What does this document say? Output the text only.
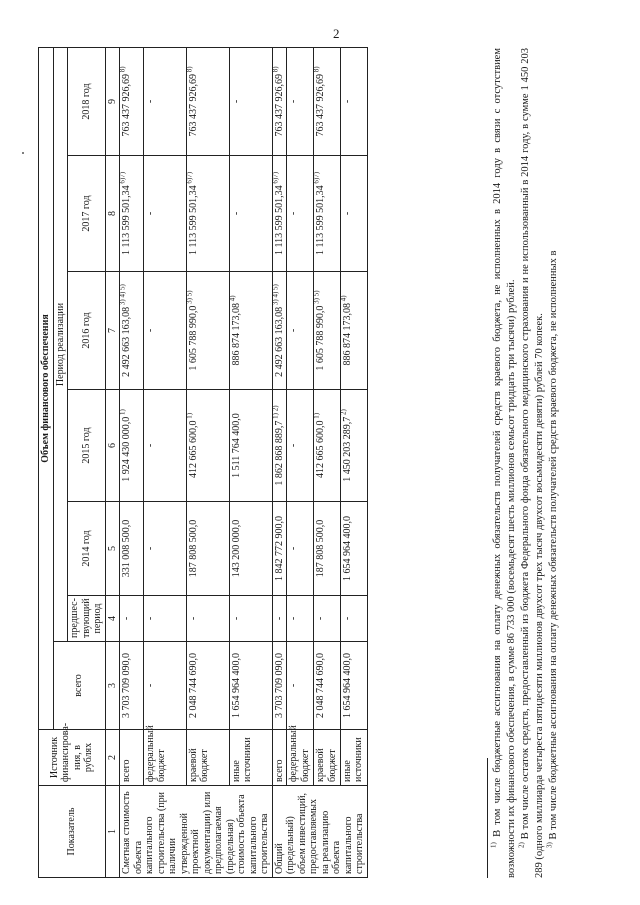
2
Показатель	Источник финансирова-ния, в рублях	Объем финансового обеспечения						
		всего	Период реализации					
			предшес-твующий период	2014 год	2015 год	2016 год	2017 год	2018 год
1	2	3	4	5	6	7	8	9
Сметная стоимость объекта капитального строительства (при наличии утвержденной проектной документации) или предполагаемая (предельная) стоимость объекта капитального строительства	всего	3 703 709 090,0	-	331 008 500,0	1 924 430 000,0 $^{1)}$	2 492 663 163,08 $^{3) 4) 5)}$	1 113 599 501,34 $^{6)7)}$	763 437 926,69 $^{8)}$
	федеральный бюджет	-	-	-	-	-	-	-
	краевой бюджет	2 048 744 690,0	-	187 808 500,0	412 665 600,0 $^{1)}$	1 605 788 990,0 $^{3) 5)}$	1 113 599 501,34 $^{6)7)}$	763 437 926,69 $^{8)}$
	иные источники	1 654 964 400,0	-	143 200 000,0	1 511 764 400,0	886 874 173,08 $^{4)}$	-	-
Общий (предельный) объем инвестиций, предоставляемых на реализацию объекта капитального строительства	всего	3 703 709 090,0	-	1 842 772 900,0	1 862 868 889,7 $^{1) 2)}$	2 492 663 163,08 $^{3) 4) 5)}$	1 113 599 501,34 $^{6)7)}$	763 437 926,69 $^{8)}$
	федеральный бюджет	-	-	-	-	-	-	-
	краевой бюджет	2 048 744 690,0	-	187 808 500,0	412 665 600,0 $^{1)}$	1 605 788 990,0 $^{3) 5)}$	1 113 599 501,34 $^{6)7)}$	763 437 926,69 $^{8)}$
	иные источники	1 654 964 400,0	-	1 654 964 400,0	1 450 203 289,7 $^{2)}$	886 874 173,08 $^{4)}$	-	-

$^{1)}$ В том числе бюджетные ассигнования на оплату денежных обязательств получателей средств краевого бюджета, не исполненных в 2014 году в связи с отсутствием возможности их финансового обеспечения, в сумме 86 733 000 (восемьдесят шесть миллионов семьсот тридцать три тысячи) рублей. $^{2)}$ В том числе остаток средств, предоставленный из бюджета Федерального фонда обязательного медицинского страхования и не использованный в 2014 году, в сумме 1 450 203 289 (одного миллиарда четыреста пятидесяти миллионов двухсот трех тысяч двухсот восьмидесяти девяти) рублей 70 копеек. $^{3)}$ В том числе бюджетные ассигнования на оплату денежных обязательств получателей средств краевого бюджета, не исполненных в
